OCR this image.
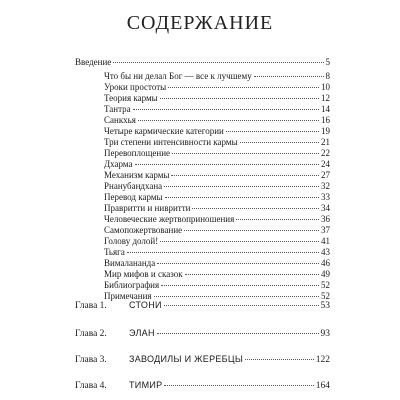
СОДЕРЖАНИЕ
Введение	5
Что бы ни делал Бог — все к лучшему	8
Уроки простоты	10
Теория кармы	12
Тантра	14
Санкхья	16
Четыре кармические категории	19
Три степени интенсивности кармы	21
Перевоплощение	22
Дхарма	24
Механизм кармы	27
Рнанубандхана	32
Перевод кармы	33
Правритти и нивритти	34
Человеческие жертвоприношения	36
Самопожертвование	37
Голову долой!	41
Тьяга	43
Вималананда	46
Мир мифов и сказок	49
Библиография	52
Примечания	52
Глава 1.	СТОНИ	53
Глава 2.	ЭЛАН	93
Глава 3.	ЗАВОДИЛЫ И ЖЕРЕБЦЫ	122
Глава 4.	ТИМИР	164
